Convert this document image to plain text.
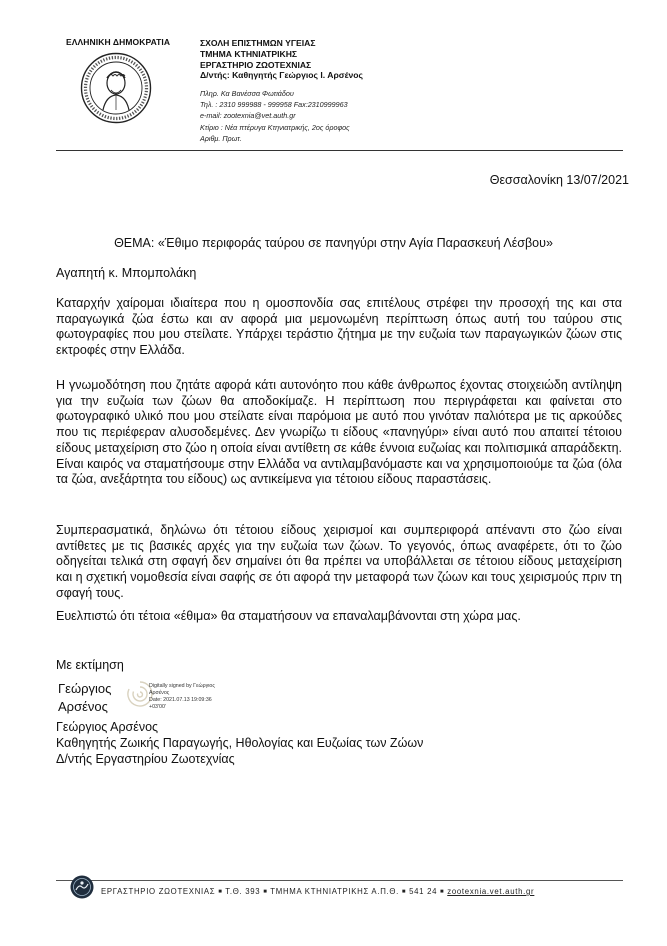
ΕΛΛΗΝΙΚΗ ΔΗΜΟΚΡΑΤΙΑ	ΣΧΟΛΗ ΕΠΙΣΤΗΜΩΝ ΥΓΕΙΑΣ
ΤΜΗΜΑ ΚΤΗΝΙΑΤΡΙΚΗΣ
ΕΡΓΑΣΤΗΡΙΟ ΖΩΟΤΕΧΝΙΑΣ
Δ/ντής: Καθηγητής Γεώργιος Ι. Αρσένος
Πληρ. Κα Βανέσσα Φωτιάδου
Τηλ. : 2310 999988 - 999958 Fax:2310999963
e-mail: zootexnia@vet.auth.gr
Κτίριο : Νέα πτέρυγα Κτηνιατρικής, 2ος όροφος
Αριθμ. Πρωτ.
Θεσσαλονίκη 13/07/2021
ΘΕΜΑ: «Έθιμο περιφοράς ταύρου σε πανηγύρι στην Αγία Παρασκευή Λέσβου»
Αγαπητή κ. Μπομπολάκη
Καταρχήν χαίρομαι ιδιαίτερα που η ομοσπονδία σας επιτέλους στρέφει την προσοχή της και στα παραγωγικά ζώα έστω και αν αφορά μια μεμονωμένη περίπτωση όπως αυτή του ταύρου στις φωτογραφίες που μου στείλατε. Υπάρχει τεράστιο ζήτημα με την ευζωία των παραγωγικών ζώων στις εκτροφές στην Ελλάδα.
Η γνωμοδότηση που ζητάτε αφορά κάτι αυτονόητο που κάθε άνθρωπος έχοντας στοιχειώδη αντίληψη για την ευζωία των ζώων θα αποδοκίμαζε. Η περίπτωση που περιγράφεται και φαίνεται στο φωτογραφικό υλικό που μου στείλατε είναι παρόμοια με αυτό που γινόταν παλιότερα με τις αρκούδες που τις περιέφεραν αλυσοδεμένες. Δεν γνωρίζω τι είδους «πανηγύρι» είναι αυτό που απαιτεί τέτοιου είδους μεταχείριση στο ζώο η οποία είναι αντίθετη σε κάθε έννοια ευζωίας και πολιτισμικά απαράδεκτη. Είναι καιρός να σταματήσουμε στην Ελλάδα να αντιλαμβανόμαστε και να χρησιμοποιούμε τα ζώα (όλα τα ζώα, ανεξάρτητα του είδους) ως αντικείμενα για τέτοιου είδους παραστάσεις.
Συμπερασματικά, δηλώνω ότι τέτοιου είδους χειρισμοί και συμπεριφορά απέναντι στο ζώο είναι αντίθετες με τις βασικές αρχές για την ευζωία των ζώων. Το γεγονός, όπως αναφέρετε, ότι το ζώο οδηγείται τελικά στη σφαγή δεν σημαίνει ότι θα πρέπει να υποβάλλεται σε τέτοιου είδους μεταχείριση και η σχετική νομοθεσία είναι σαφής σε ότι αφορά την μεταφορά των ζώων και τους χειρισμούς πριν τη σφαγή τους.
Ευελπιστώ ότι τέτοια «έθιμα» θα σταματήσουν να επαναλαμβάνονται στη χώρα μας.
Με εκτίμηση
Γεώργιος
Αρσένος
Digitally signed by Γεώργιος
Αρσένος
Date: 2021.07.13 19:09:36
+03'00'
Γεώργιος Αρσένος
Καθηγητής Ζωικής Παραγωγής, Ηθολογίας και Ευζωίας των Ζώων
Δ/ντής Εργαστηρίου Ζωοτεχνίας
ΕΡΓΑΣΤΗΡΙΟ ΖΩΟΤΕΧΝΙΑΣ ■ Τ.Θ. 393 ■ ΤΜΗΜΑ ΚΤΗΝΙΑΤΡΙΚΗΣ Α.Π.Θ. ■ 541 24 ■ zootexnia.vet.auth.gr
